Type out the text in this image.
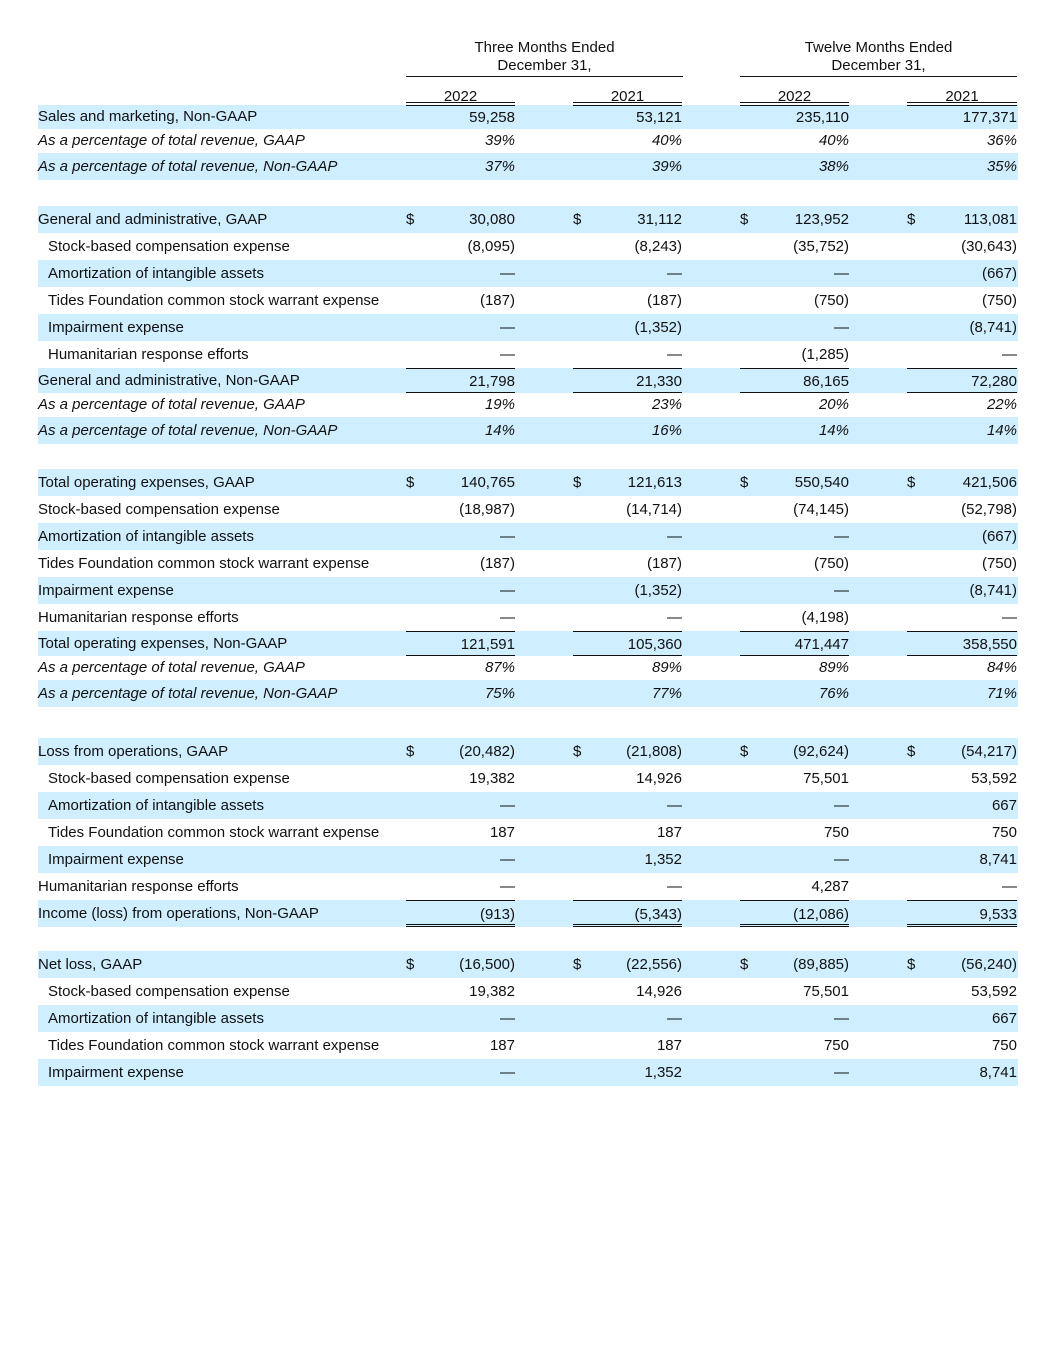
Three Months Ended
December 31,
Twelve Months Ended
December 31,
2022	2021	2022	2021
Sales and marketing, Non-GAAP	59,258	53,121	235,110	177,371
As a percentage of total revenue, GAAP	39%	40%	40%	36%
As a percentage of total revenue, Non-GAAP	37%	39%	38%	35%
General and administrative, GAAP	$	30,080	$	31,112	$	123,952	$	113,081
Stock-based compensation expense	(8,095)	(8,243)	(35,752)	(30,643)
Amortization of intangible assets	—	—	—	(667)
Tides Foundation common stock warrant expense	(187)	(187)	(750)	(750)
Impairment expense	—	(1,352)	—	(8,741)
Humanitarian response efforts	—	—	(1,285)	—
General and administrative, Non-GAAP	21,798	21,330	86,165	72,280
As a percentage of total revenue, GAAP	19%	23%	20%	22%
As a percentage of total revenue, Non-GAAP	14%	16%	14%	14%
Total operating expenses, GAAP	$	140,765	$	121,613	$	550,540	$	421,506
Stock-based compensation expense	(18,987)	(14,714)	(74,145)	(52,798)
Amortization of intangible assets	—	—	—	(667)
Tides Foundation common stock warrant expense	(187)	(187)	(750)	(750)
Impairment expense	—	(1,352)	—	(8,741)
Humanitarian response efforts	—	—	(4,198)	—
Total operating expenses, Non-GAAP	121,591	105,360	471,447	358,550
As a percentage of total revenue, GAAP	87%	89%	89%	84%
As a percentage of total revenue, Non-GAAP	75%	77%	76%	71%
Loss from operations, GAAP	$	(20,482)	$	(21,808)	$	(92,624)	$	(54,217)
Stock-based compensation expense	19,382	14,926	75,501	53,592
Amortization of intangible assets	—	—	—	667
Tides Foundation common stock warrant expense	187	187	750	750
Impairment expense	—	1,352	—	8,741
Humanitarian response efforts	—	—	4,287	—
Income (loss) from operations, Non-GAAP	(913)	(5,343)	(12,086)	9,533
Net loss, GAAP	$	(16,500)	$	(22,556)	$	(89,885)	$	(56,240)
Stock-based compensation expense	19,382	14,926	75,501	53,592
Amortization of intangible assets	—	—	—	667
Tides Foundation common stock warrant expense	187	187	750	750
Impairment expense	—	1,352	—	8,741
